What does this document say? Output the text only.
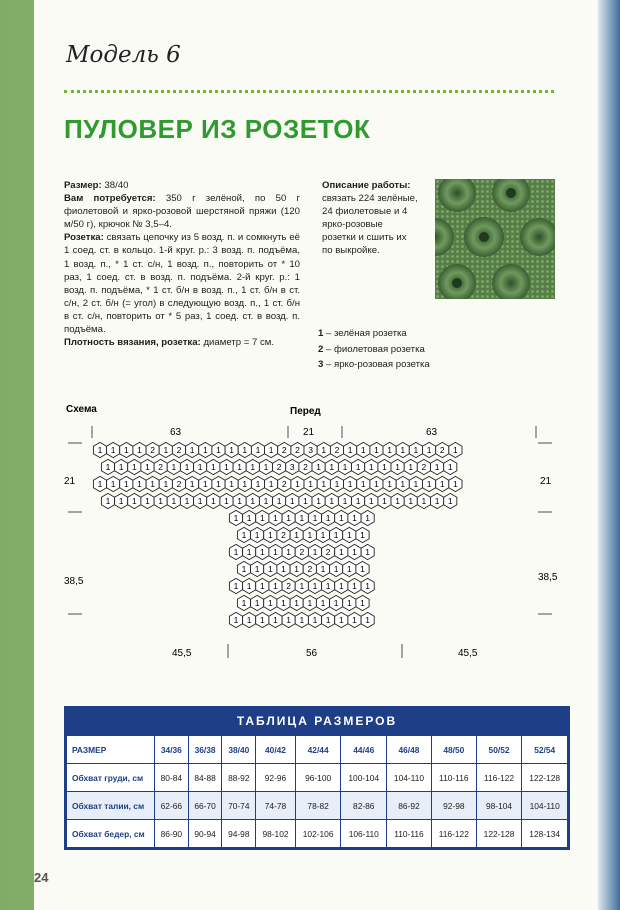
Модель 6
ПУЛОВЕР ИЗ РОЗЕТОК
Размер: 38/40
Вам потребуется: 350 г зелёной, по 50 г фиолетовой и ярко-розовой шерстяной пряжи (120 м/50 г), крючок № 3,5–4.
Розетка: связать цепочку из 5 возд. п. и сомкнуть её 1 соед. ст. в кольцо. 1-й круг. р.: 3 возд. п. подъёма, 1 возд. п., * 1 ст. с/н, 1 возд. п., повторить от * 10 раз, 1 соед. ст. в возд. п. подъёма. 2-й круг. р.: 1 возд. п. подъёма, * 1 ст. б/н в возд. п., 1 ст. б/н в ст. с/н, 2 ст. б/н (= угол) в следующую возд. п., 1 ст. б/н в ст. с/н, повторить от * 5 раз, 1 соед. ст. в возд. п. подъёма.
Плотность вязания, розетка: диаметр = 7 см.
Описание работы: связать 224 зелёные, 24 фиолетовые и 4 ярко-розовые розетки и сшить их по выкройке.
1 – зелёная розетка
2 – фиолетовая розетка
3 – ярко-розовая розетка
Схема	Перед
63	21	63
21	21
38,5	38,5
45,5	56	45,5
1 1 1 1 2 1 2 1 1 1 1 1 1 1 2 2 3 1 2 1 1 1 1 1 1 1 2 1
1 1 1 1 2 1 1 1 1 1 1 1 1 2 3 2 1 1 1 1 1 1 1 1 2 1 1
1 1 1 1 1 1 2 1 1 1 1 1 1 1 2 1 1 1 1 1 1 1 1 1 1 1 1 1
1 1 1 1 1 1 1 1 1 1 1 1 1 1 1 1 1 1 1 1 1 1 1 1 1 1 1
1 1 1 1 1 1 1 1 1 1 1
1 1 1 2 1 1 1 1 1 1
1 1 1 1 1 2 1 2 1 1 1
1 1 1 1 1 2 1 1 1 1
1 1 1 1 2 1 1 1 1 1 1
1 1 1 1 1 1 1 1 1 1
1 1 1 1 1 1 1 1 1 1 1
ТАБЛИЦА РАЗМЕРОВ
РАЗМЕР	34/36	36/38	38/40	40/42	42/44	44/46	46/48	48/50	50/52	52/54
Обхват груди, см	80-84	84-88	88-92	92-96	96-100	100-104	104-110	110-116	116-122	122-128
Обхват талии, см	62-66	66-70	70-74	74-78	78-82	82-86	86-92	92-98	98-104	104-110
Обхват бедер, см	86-90	90-94	94-98	98-102	102-106	106-110	110-116	116-122	122-128	128-134
24
